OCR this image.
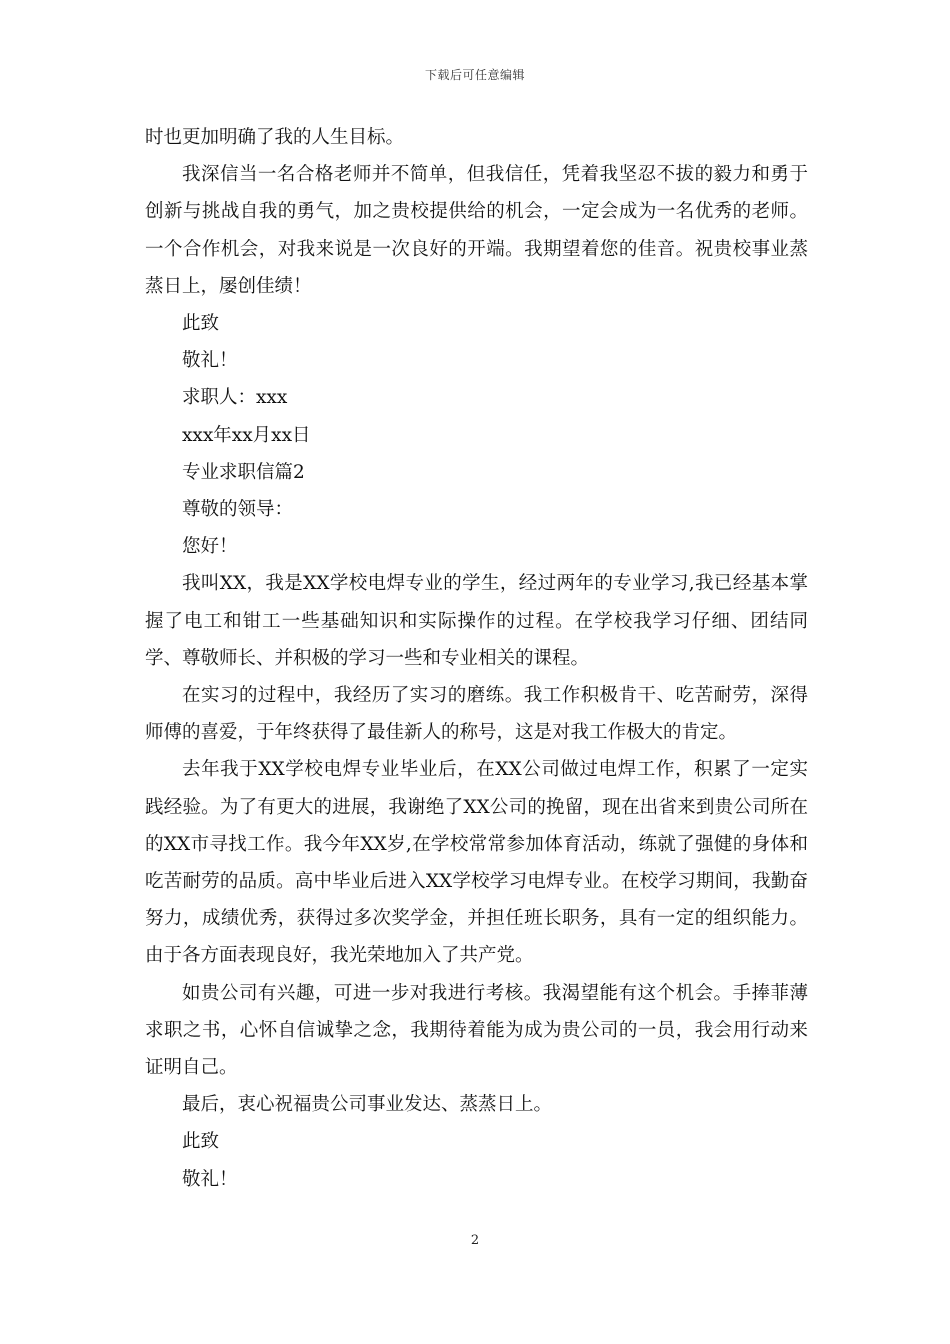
下载后可任意编辑

时也更加明确了我的人生目标。

我深信当一名合格老师并不简单，但我信任，凭着我坚忍不拔的毅力和勇于创新与挑战自我的勇气，加之贵校提供给的机会，一定会成为一名优秀的老师。一个合作机会，对我来说是一次良好的开端。我期望着您的佳音。祝贵校事业蒸蒸日上，屡创佳绩！

此致

敬礼！

求职人：xxx

xxx年xx月xx日

专业求职信篇2

尊敬的领导：

您好！

我叫XX，我是XX学校电焊专业的学生，经过两年的专业学习,我已经基本掌握了电工和钳工一些基础知识和实际操作的过程。在学校我学习仔细、团结同学、尊敬师长、并积极的学习一些和专业相关的课程。

在实习的过程中，我经历了实习的磨练。我工作积极肯干、吃苦耐劳，深得师傅的喜爱，于年终获得了最佳新人的称号，这是对我工作极大的肯定。

去年我于XX学校电焊专业毕业后，在XX公司做过电焊工作，积累了一定实践经验。为了有更大的进展，我谢绝了XX公司的挽留，现在出省来到贵公司所在的XX市寻找工作。我今年XX岁,在学校常常参加体育活动，练就了强健的身体和吃苦耐劳的品质。高中毕业后进入XX学校学习电焊专业。在校学习期间，我勤奋努力，成绩优秀，获得过多次奖学金，并担任班长职务，具有一定的组织能力。由于各方面表现良好，我光荣地加入了共产党。

如贵公司有兴趣，可进一步对我进行考核。我渴望能有这个机会。手捧菲薄求职之书，心怀自信诚挚之念，我期待着能为成为贵公司的一员，我会用行动来证明自己。

最后，衷心祝福贵公司事业发达、蒸蒸日上。

此致

敬礼！

2
